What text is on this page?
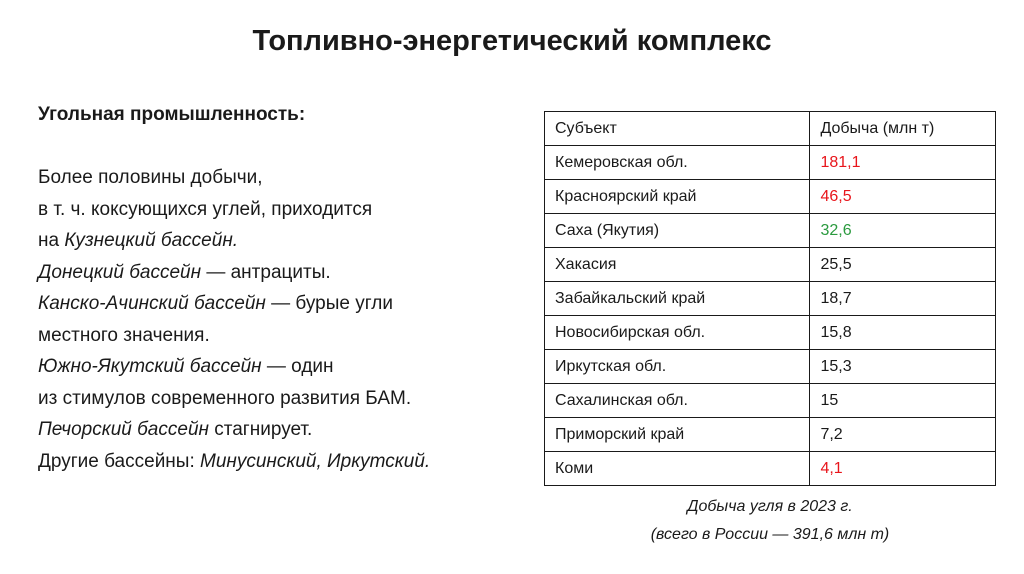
Топливно-энергетический комплекс
Угольная промышленность:
Более половины добычи,
в т. ч. коксующихся углей, приходится
на Кузнецкий бассейн.
Донецкий бассейн — антрациты.
Канско-Ачинский бассейн — бурые угли
местного значения.
Южно-Якутский бассейн — один
из стимулов современного развития БАМ.
Печорский бассейн стагнирует.
Другие бассейны: Минусинский, Иркутский.
Субъект	Добыча (млн т)
Кемеровская обл.	181,1
Красноярский край	46,5
Саха (Якутия)	32,6
Хакасия	25,5
Забайкальский край	18,7
Новосибирская обл.	15,8
Иркутская обл.	15,3
Сахалинская обл.	15
Приморский край	7,2
Коми	4,1
Добыча угля в 2023 г.
(всего в России — 391,6 млн т)
